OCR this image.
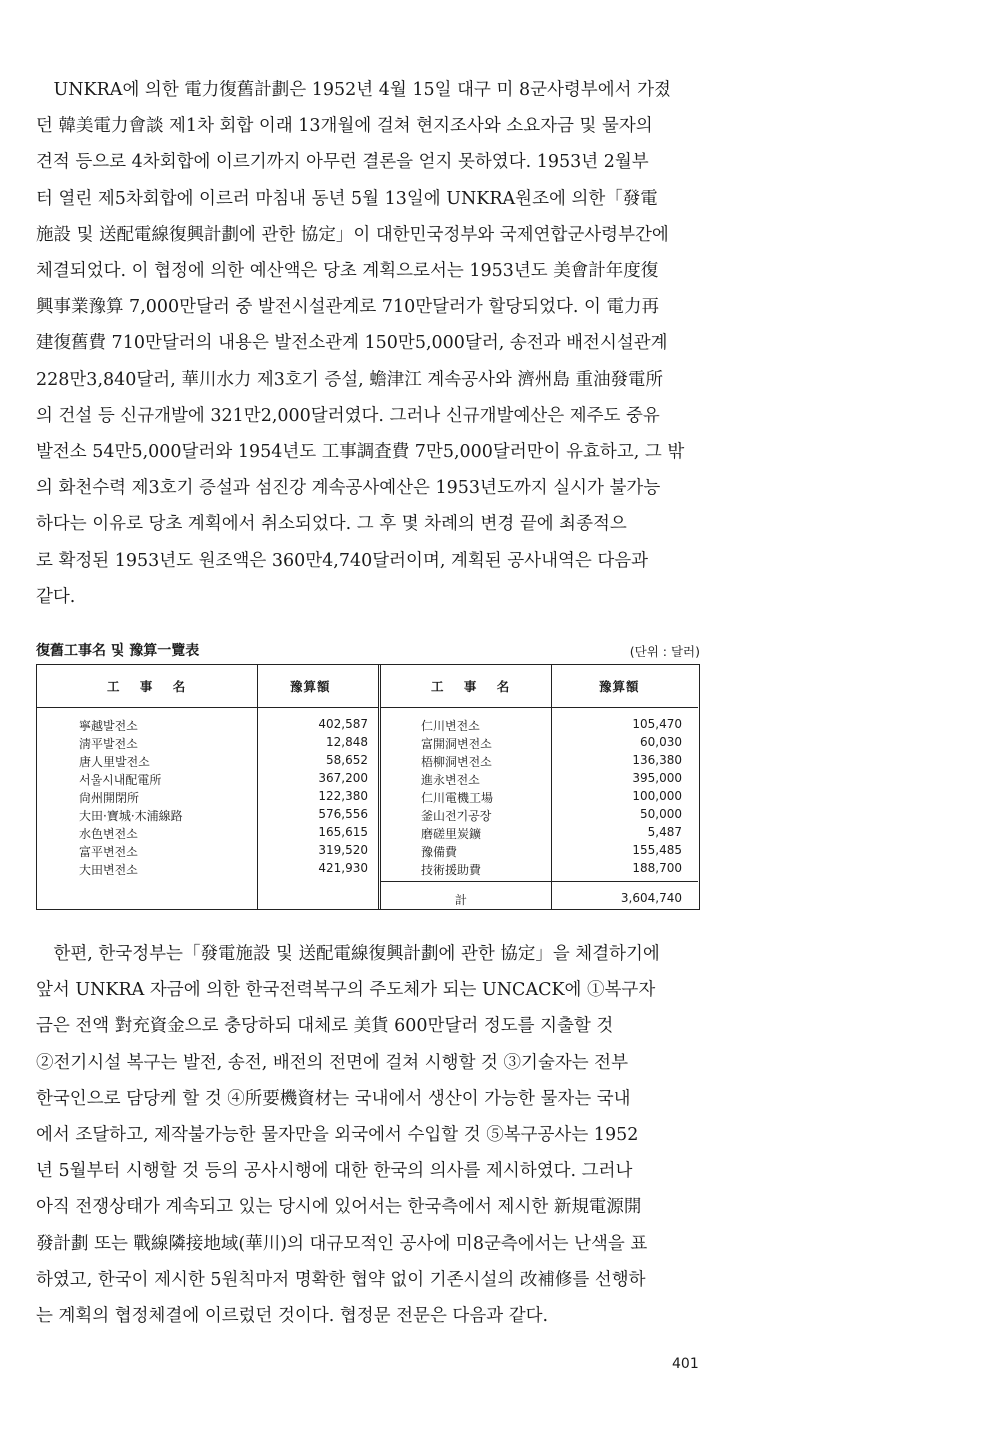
　UNKRA에 의한 電力復舊計劃은 1952년 4월 15일 대구 미 8군사령부에서 가졌
던 韓美電力會談 제1차 회합 이래 13개월에 걸쳐 현지조사와 소요자금 및 물자의
견적 등으로 4차회합에 이르기까지 아무런 결론을 얻지 못하였다. 1953년 2월부
터 열린 제5차회합에 이르러 마침내 동년 5월 13일에 UNKRA원조에 의한「發電
施設 및 送配電線復興計劃에 관한 協定」이 대한민국정부와 국제연합군사령부간에
체결되었다. 이 협정에 의한 예산액은 당초 계획으로서는 1953년도 美會計年度復
興事業豫算 7,000만달러 중 발전시설관계로 710만달러가 할당되었다. 이 電力再
建復舊費 710만달러의 내용은 발전소관계 150만5,000달러, 송전과 배전시설관계
228만3,840달러, 華川水力 제3호기 증설, 蟾津江 계속공사와 濟州島 重油發電所
의 건설 등 신규개발에 321만2,000달러였다. 그러나 신규개발예산은 제주도 중유
발전소 54만5,000달러와 1954년도 工事調査費 7만5,000달러만이 유효하고, 그 밖
의 화천수력 제3호기 증설과 섬진강 계속공사예산은 1953년도까지 실시가 불가능
하다는 이유로 당초 계획에서 취소되었다. 그 후 몇 차례의 변경 끝에 최종적으
로 확정된 1953년도 원조액은 360만4,740달러이며, 계획된 공사내역은 다음과
같다.
復舊工事名 및 豫算一覽表	(단위 : 달러)
工 事 名	豫算額
寧越발전소	402,587
淸平발전소	12,848
唐人里발전소	58,652
서울시내配電所	367,200
尙州開閉所	122,380
大田·寶城·木浦線路	576,556
水色변전소	165,615
富平변전소	319,520
大田변전소	421,930
工 事 名	豫算額
仁川변전소	105,470
富開洞변전소	60,030
梧柳洞변전소	136,380
進永변전소	395,000
仁川電機工場	100,000
釜山전기공장	50,000
磨磋里炭鑛	5,487
豫備費	155,485
技術援助費	188,700
計	3,604,740
　한편, 한국정부는「發電施設 및 送配電線復興計劃에 관한 協定」을 체결하기에
앞서 UNKRA 자금에 의한 한국전력복구의 주도체가 되는 UNCACK에 ①복구자
금은 전액 對充資金으로 충당하되 대체로 美貨 600만달러 정도를 지출할 것
②전기시설 복구는 발전, 송전, 배전의 전면에 걸쳐 시행할 것 ③기술자는 전부
한국인으로 담당케 할 것 ④所要機資材는 국내에서 생산이 가능한 물자는 국내
에서 조달하고, 제작불가능한 물자만을 외국에서 수입할 것 ⑤복구공사는 1952
년 5월부터 시행할 것 등의 공사시행에 대한 한국의 의사를 제시하였다. 그러나
아직 전쟁상태가 계속되고 있는 당시에 있어서는 한국측에서 제시한 新規電源開
發計劃 또는 戰線隣接地域(華川)의 대규모적인 공사에 미8군측에서는 난색을 표
하였고, 한국이 제시한 5원칙마저 명확한 협약 없이 기존시설의 改補修를 선행하
는 계획의 협정체결에 이르렀던 것이다. 협정문 전문은 다음과 같다.
401
